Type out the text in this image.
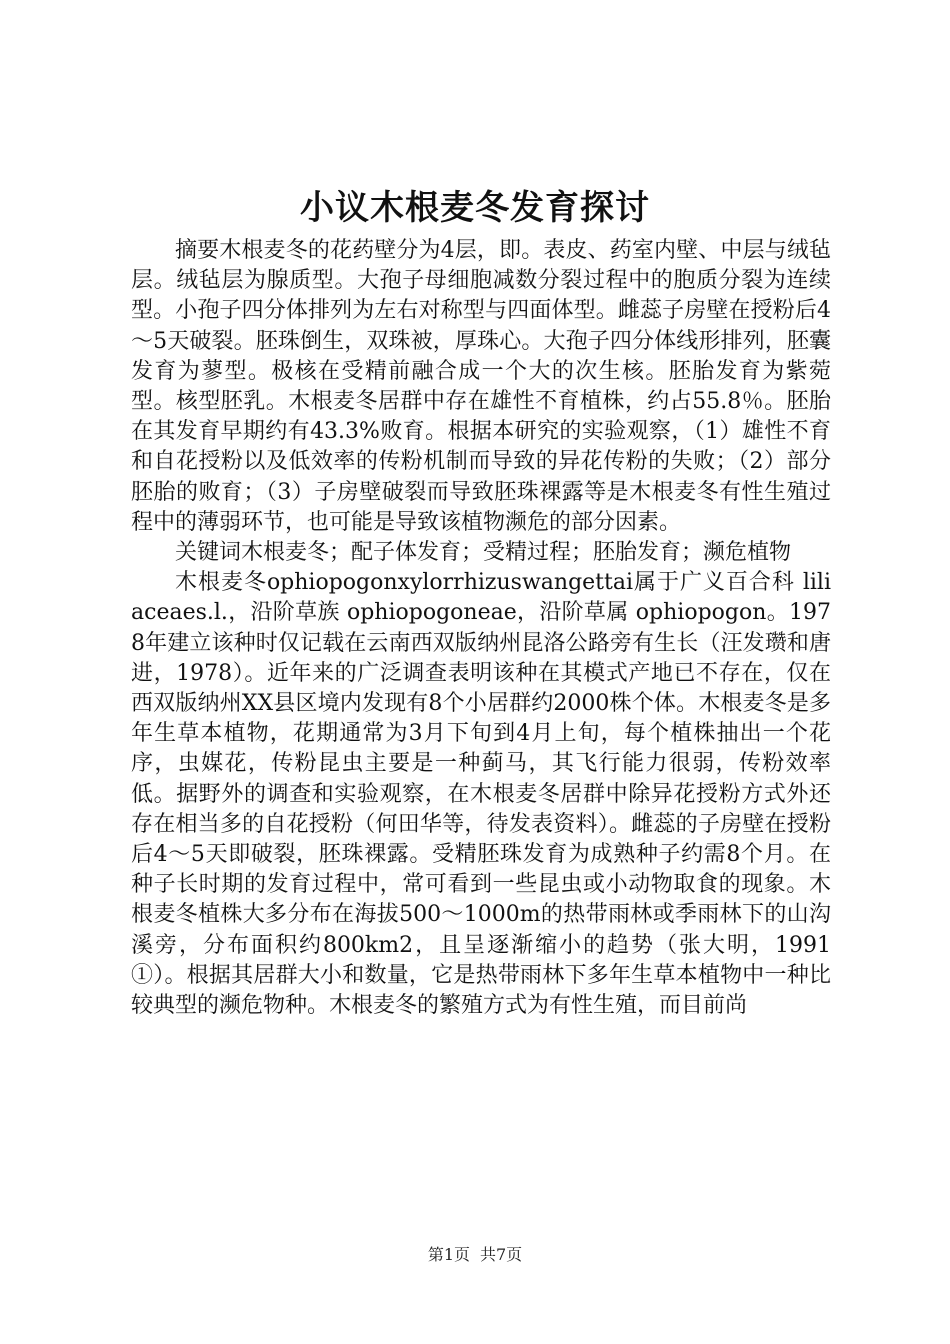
小议木根麦冬发育探讨

摘要木根麦冬的花药壁分为4层，即。表皮、药室内壁、中层与绒毡层。绒毡层为腺质型。大孢子母细胞减数分裂过程中的胞质分裂为连续型。小孢子四分体排列为左右对称型与四面体型。雌蕊子房壁在授粉后4～5天破裂。胚珠倒生，双珠被，厚珠心。大孢子四分体线形排列，胚囊发育为蓼型。极核在受精前融合成一个大的次生核。胚胎发育为紫菀型。核型胚乳。木根麦冬居群中存在雄性不育植株，约占55.8％。胚胎在其发育早期约有43.3%败育。根据本研究的实验观察，（1）雄性不育和自花授粉以及低效率的传粉机制而导致的异花传粉的失败；（2）部分胚胎的败育；（3）子房壁破裂而导致胚珠裸露等是木根麦冬有性生殖过程中的薄弱环节，也可能是导致该植物濒危的部分因素。

关键词木根麦冬；配子体发育；受精过程；胚胎发育；濒危植物

木根麦冬ophiopogonxylorrhizuswangettai属于广义百合科 liliaceaes.l.，沿阶草族 ophiopogoneae，沿阶草属 ophiopogon。1978年建立该种时仅记载在云南西双版纳州昆洛公路旁有生长（汪发瓒和唐进，1978）。近年来的广泛调查表明该种在其模式产地已不存在，仅在西双版纳州XX县区境内发现有8个小居群约2000株个体。木根麦冬是多年生草本植物，花期通常为3月下旬到4月上旬，每个植株抽出一个花序，虫媒花，传粉昆虫主要是一种蓟马，其飞行能力很弱，传粉效率低。据野外的调查和实验观察，在木根麦冬居群中除异花授粉方式外还存在相当多的自花授粉（何田华等，待发表资料）。雌蕊的子房壁在授粉后4～5天即破裂，胚珠裸露。受精胚珠发育为成熟种子约需8个月。在种子长时期的发育过程中，常可看到一些昆虫或小动物取食的现象。木根麦冬植株大多分布在海拔500～1000m的热带雨林或季雨林下的山沟溪旁，分布面积约800km2，且呈逐渐缩小的趋势（张大明，1991①）。根据其居群大小和数量，它是热带雨林下多年生草本植物中一种比较典型的濒危物种。木根麦冬的繁殖方式为有性生殖，而目前尚

第1页 共7页
